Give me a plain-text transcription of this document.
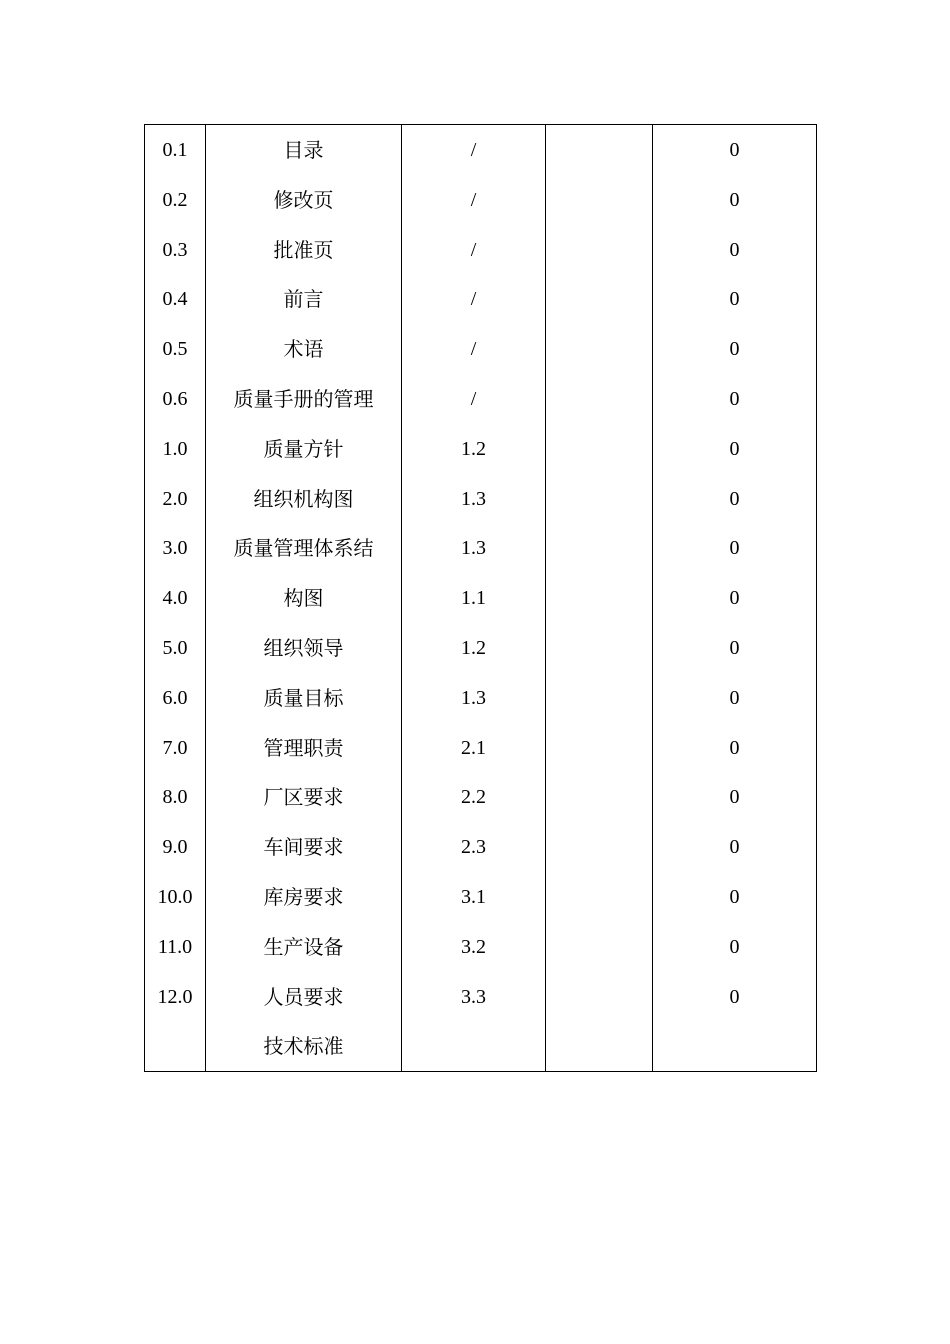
0.1
0.2
0.3
0.4
0.5
0.6
1.0
2.0
3.0
4.0
5.0
6.0
7.0
8.0
9.0
10.0
11.0
12.0
目录
修改页
批准页
前言
术语
质量手册的管理
质量方针
组织机构图
质量管理体系结
构图
组织领导
质量目标
管理职责
厂区要求
车间要求
库房要求
生产设备
人员要求
技术标准
/
/
/
/
/
/
1.2
1.3
1.3
1.1
1.2
1.3
2.1
2.2
2.3
3.1
3.2
3.3
0
0
0
0
0
0
0
0
0
0
0
0
0
0
0
0
0
0
